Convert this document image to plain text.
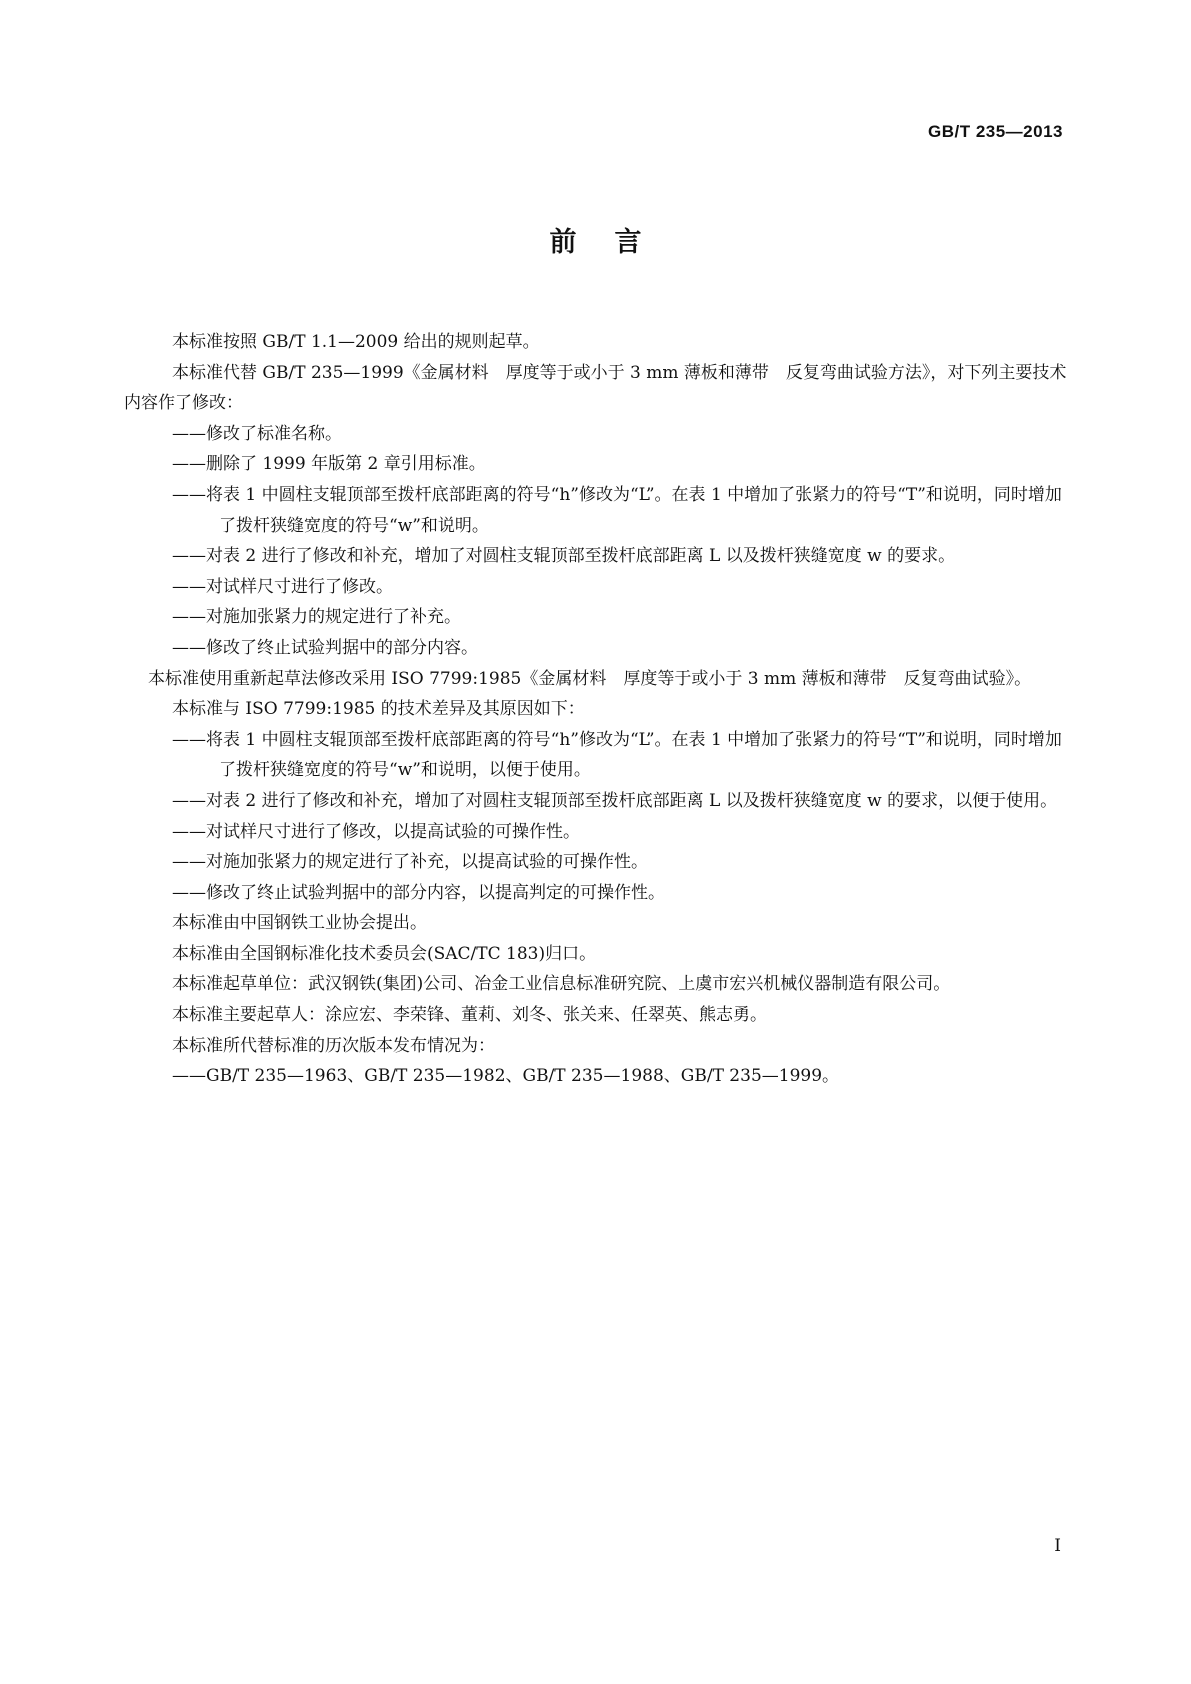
GB/T 235—2013
前言

本标准按照 GB/T 1.1—2009 给出的规则起草。

本标准代替 GB/T 235—1999《金属材料　厚度等于或小于 3 mm 薄板和薄带　反复弯曲试验方法》，对下列主要技术内容作了修改：

——修改了标准名称。

——删除了 1999 年版第 2 章引用标准。

——将表 1 中圆柱支辊顶部至拨杆底部距离的符号“h”修改为“L”。在表 1 中增加了张紧力的符号“T”和说明，同时增加了拨杆狭缝宽度的符号“w”和说明。

——对表 2 进行了修改和补充，增加了对圆柱支辊顶部至拨杆底部距离 L 以及拨杆狭缝宽度 w 的要求。

——对试样尺寸进行了修改。

——对施加张紧力的规定进行了补充。

——修改了终止试验判据中的部分内容。

本标准使用重新起草法修改采用 ISO 7799:1985《金属材料　厚度等于或小于 3 mm 薄板和薄带　反复弯曲试验》。

本标准与 ISO 7799:1985 的技术差异及其原因如下：

——将表 1 中圆柱支辊顶部至拨杆底部距离的符号“h”修改为“L”。在表 1 中增加了张紧力的符号“T”和说明，同时增加了拨杆狭缝宽度的符号“w”和说明，以便于使用。

——对表 2 进行了修改和补充，增加了对圆柱支辊顶部至拨杆底部距离 L 以及拨杆狭缝宽度 w 的要求，以便于使用。

——对试样尺寸进行了修改，以提高试验的可操作性。

——对施加张紧力的规定进行了补充，以提高试验的可操作性。

——修改了终止试验判据中的部分内容，以提高判定的可操作性。

本标准由中国钢铁工业协会提出。

本标准由全国钢标准化技术委员会(SAC/TC 183)归口。

本标准起草单位：武汉钢铁(集团)公司、冶金工业信息标准研究院、上虞市宏兴机械仪器制造有限公司。

本标准主要起草人：涂应宏、李荣锋、董莉、刘冬、张关来、任翠英、熊志勇。

本标准所代替标准的历次版本发布情况为：

——GB/T 235—1963、GB/T 235—1982、GB/T 235—1988、GB/T 235—1999。

I
